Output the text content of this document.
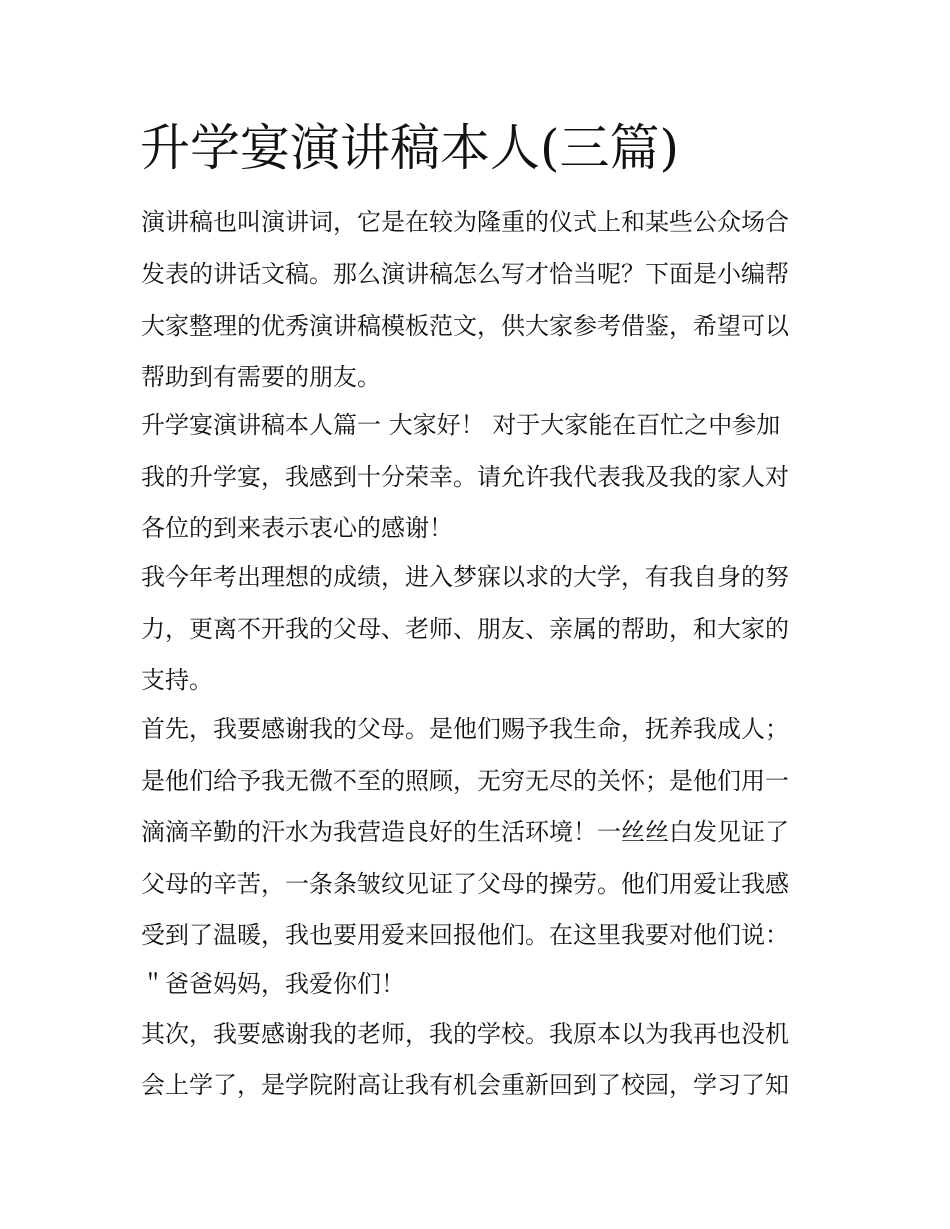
升学宴演讲稿本人(三篇)

演讲稿也叫演讲词，它是在较为隆重的仪式上和某些公众场合

发表的讲话文稿。那么演讲稿怎么写才恰当呢？下面是小编帮

大家整理的优秀演讲稿模板范文，供大家参考借鉴，希望可以

帮助到有需要的朋友。

升学宴演讲稿本人篇一 大家好！ 对于大家能在百忙之中参加

我的升学宴，我感到十分荣幸。请允许我代表我及我的家人对

各位的到来表示衷心的感谢！

我今年考出理想的成绩，进入梦寐以求的大学，有我自身的努

力，更离不开我的父母、老师、朋友、亲属的帮助，和大家的

支持。

首先，我要感谢我的父母。是他们赐予我生命，抚养我成人；

是他们给予我无微不至的照顾，无穷无尽的关怀；是他们用一

滴滴辛勤的汗水为我营造良好的生活环境！一丝丝白发见证了

父母的辛苦，一条条皱纹见证了父母的操劳。他们用爱让我感

受到了温暖，我也要用爱来回报他们。在这里我要对他们说：

＂爸爸妈妈，我爱你们！

其次，我要感谢我的老师，我的学校。我原本以为我再也没机

会上学了，是学院附高让我有机会重新回到了校园，学习了知
